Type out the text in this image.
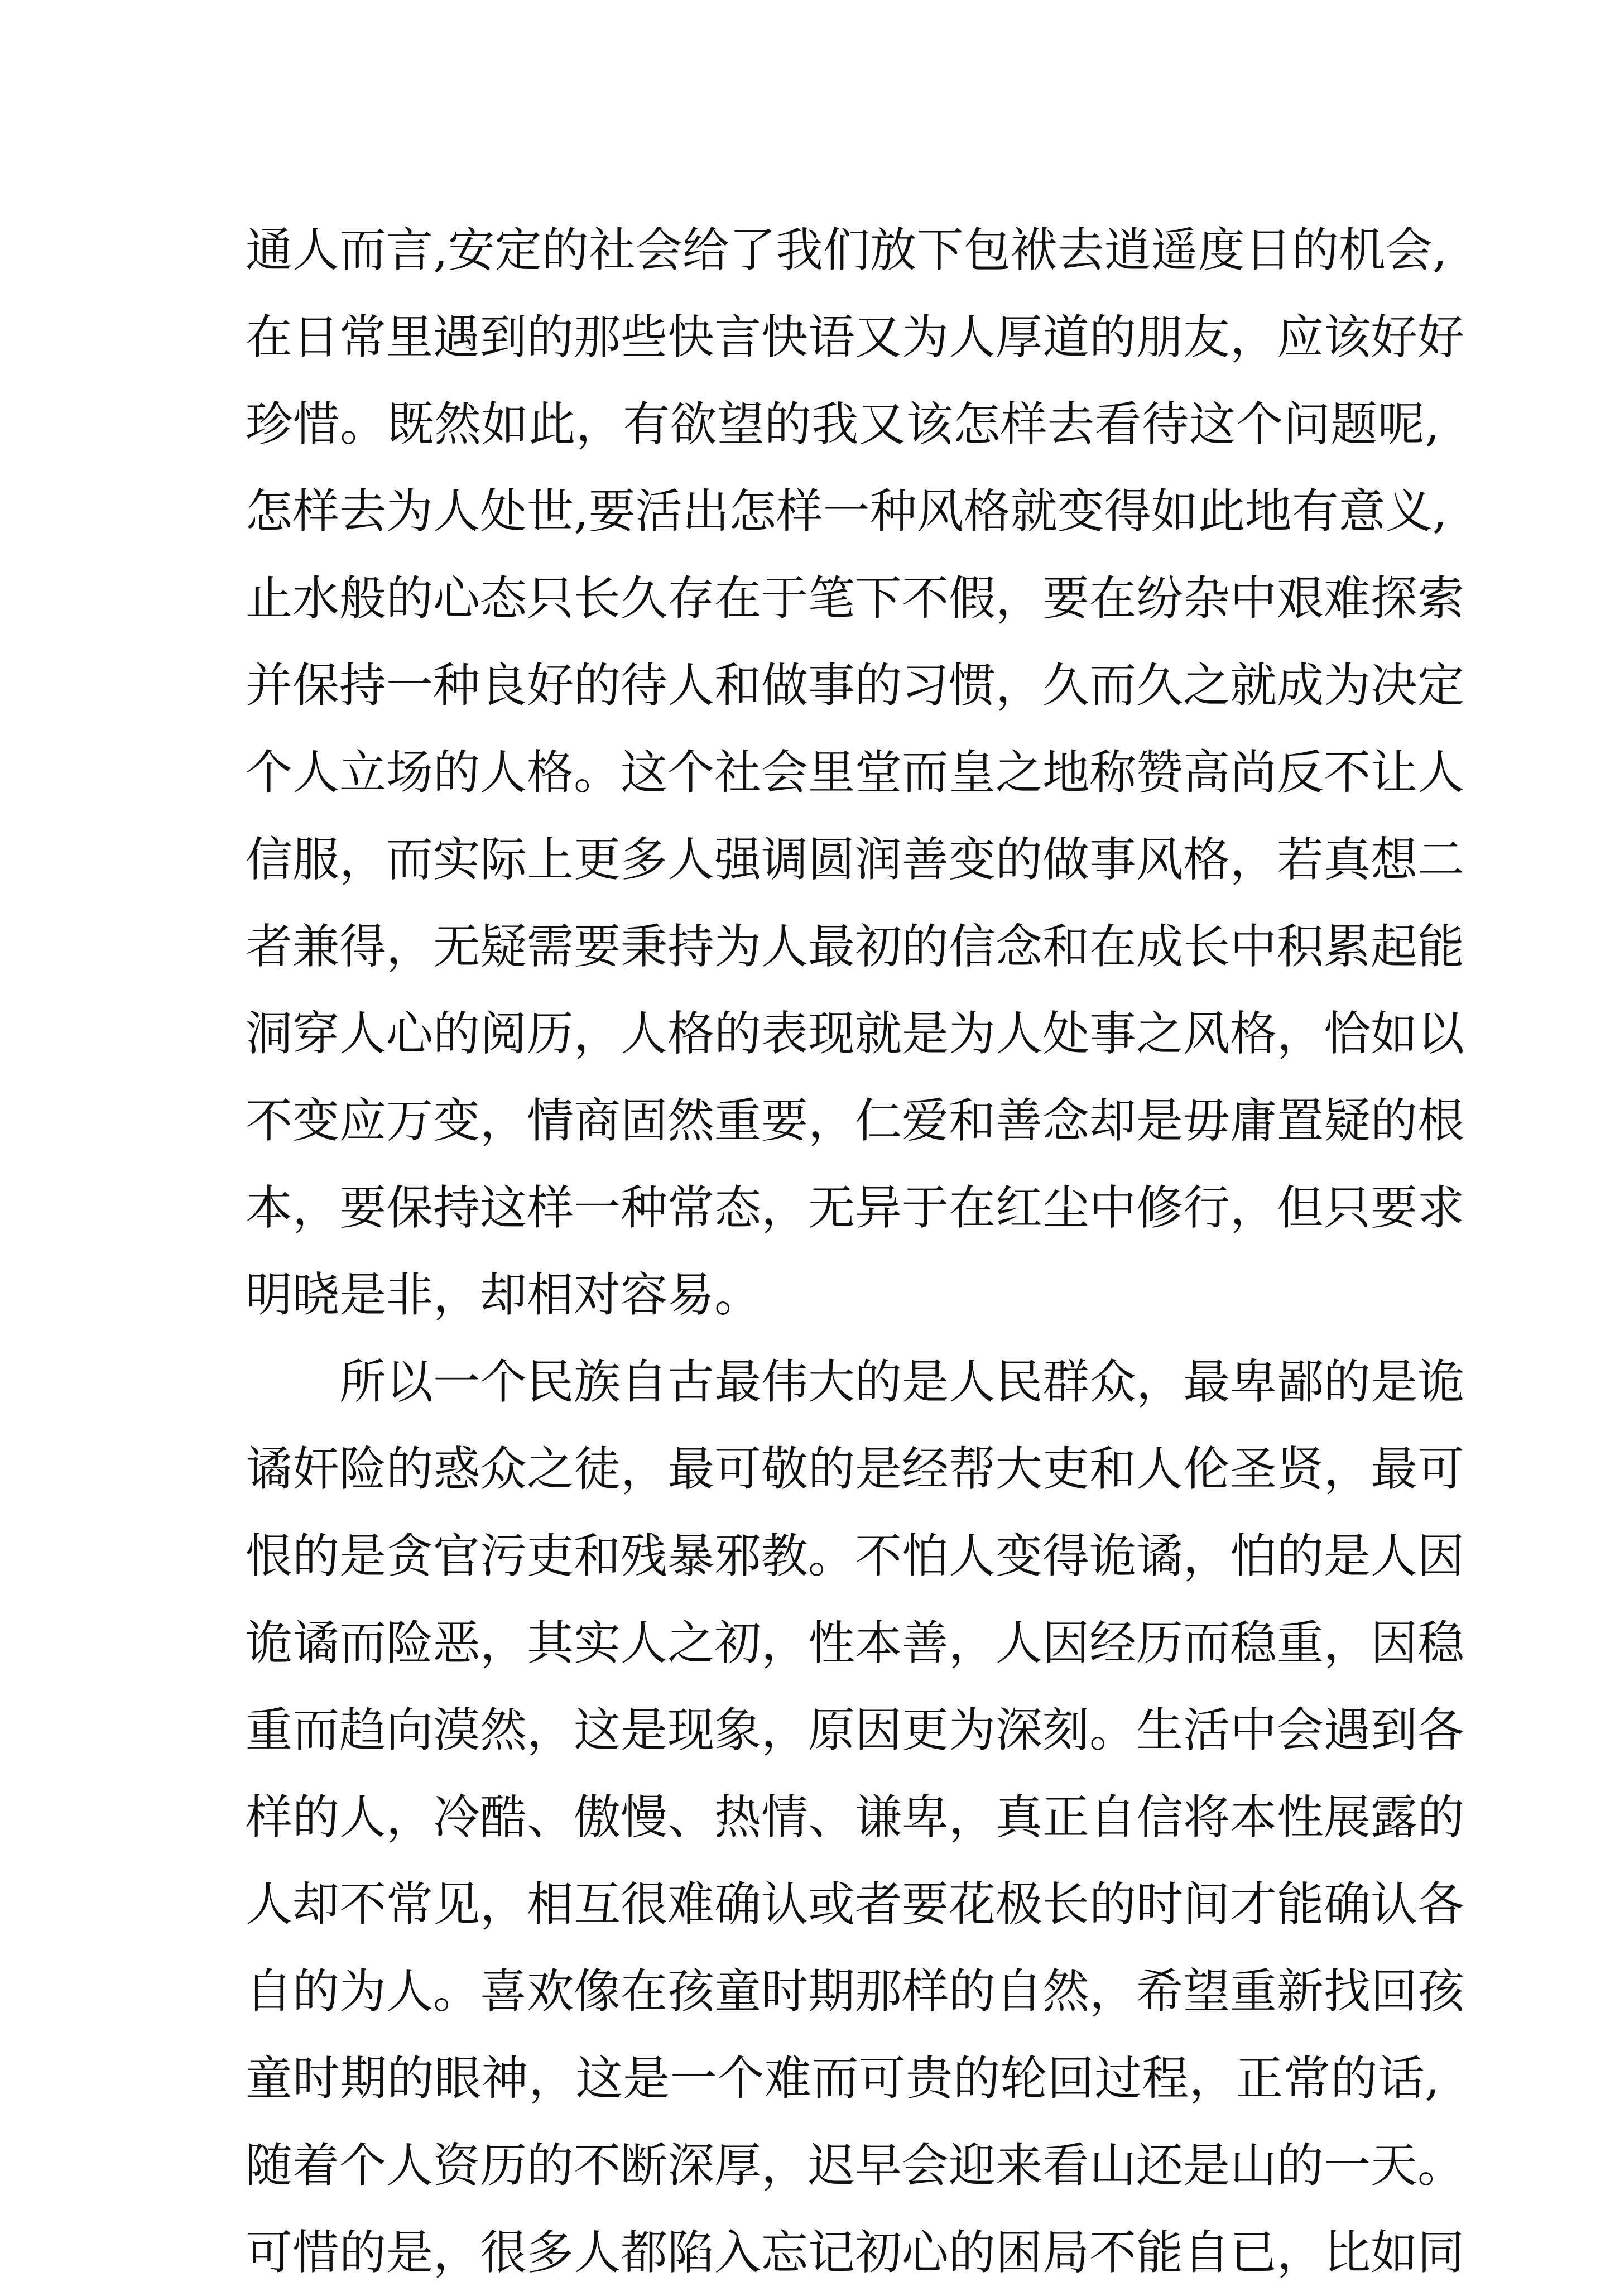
通人而言,安定的社会给了我们放下包袱去逍遥度日的机会,
在日常里遇到的那些快言快语又为人厚道的朋友，应该好好
珍惜。既然如此，有欲望的我又该怎样去看待这个问题呢,
怎样去为人处世,要活出怎样一种风格就变得如此地有意义,
止水般的心态只长久存在于笔下不假，要在纷杂中艰难探索
并保持一种良好的待人和做事的习惯，久而久之就成为决定
个人立场的人格。这个社会里堂而皇之地称赞高尚反不让人
信服，而实际上更多人强调圆润善变的做事风格，若真想二
者兼得，无疑需要秉持为人最初的信念和在成长中积累起能
洞穿人心的阅历，人格的表现就是为人处事之风格，恰如以
不变应万变，情商固然重要，仁爱和善念却是毋庸置疑的根
本，要保持这样一种常态，无异于在红尘中修行，但只要求
明晓是非，却相对容易。
所以一个民族自古最伟大的是人民群众，最卑鄙的是诡
谲奸险的惑众之徒，最可敬的是经帮大吏和人伦圣贤，最可
恨的是贪官污吏和残暴邪教。不怕人变得诡谲，怕的是人因
诡谲而险恶，其实人之初，性本善，人因经历而稳重，因稳
重而趋向漠然，这是现象，原因更为深刻。生活中会遇到各
样的人，冷酷、傲慢、热情、谦卑，真正自信将本性展露的
人却不常见，相互很难确认或者要花极长的时间才能确认各
自的为人。喜欢像在孩童时期那样的自然，希望重新找回孩
童时期的眼神，这是一个难而可贵的轮回过程，正常的话,
随着个人资历的不断深厚，迟早会迎来看山还是山的一天。
可惜的是，很多人都陷入忘记初心的困局不能自已，比如同
